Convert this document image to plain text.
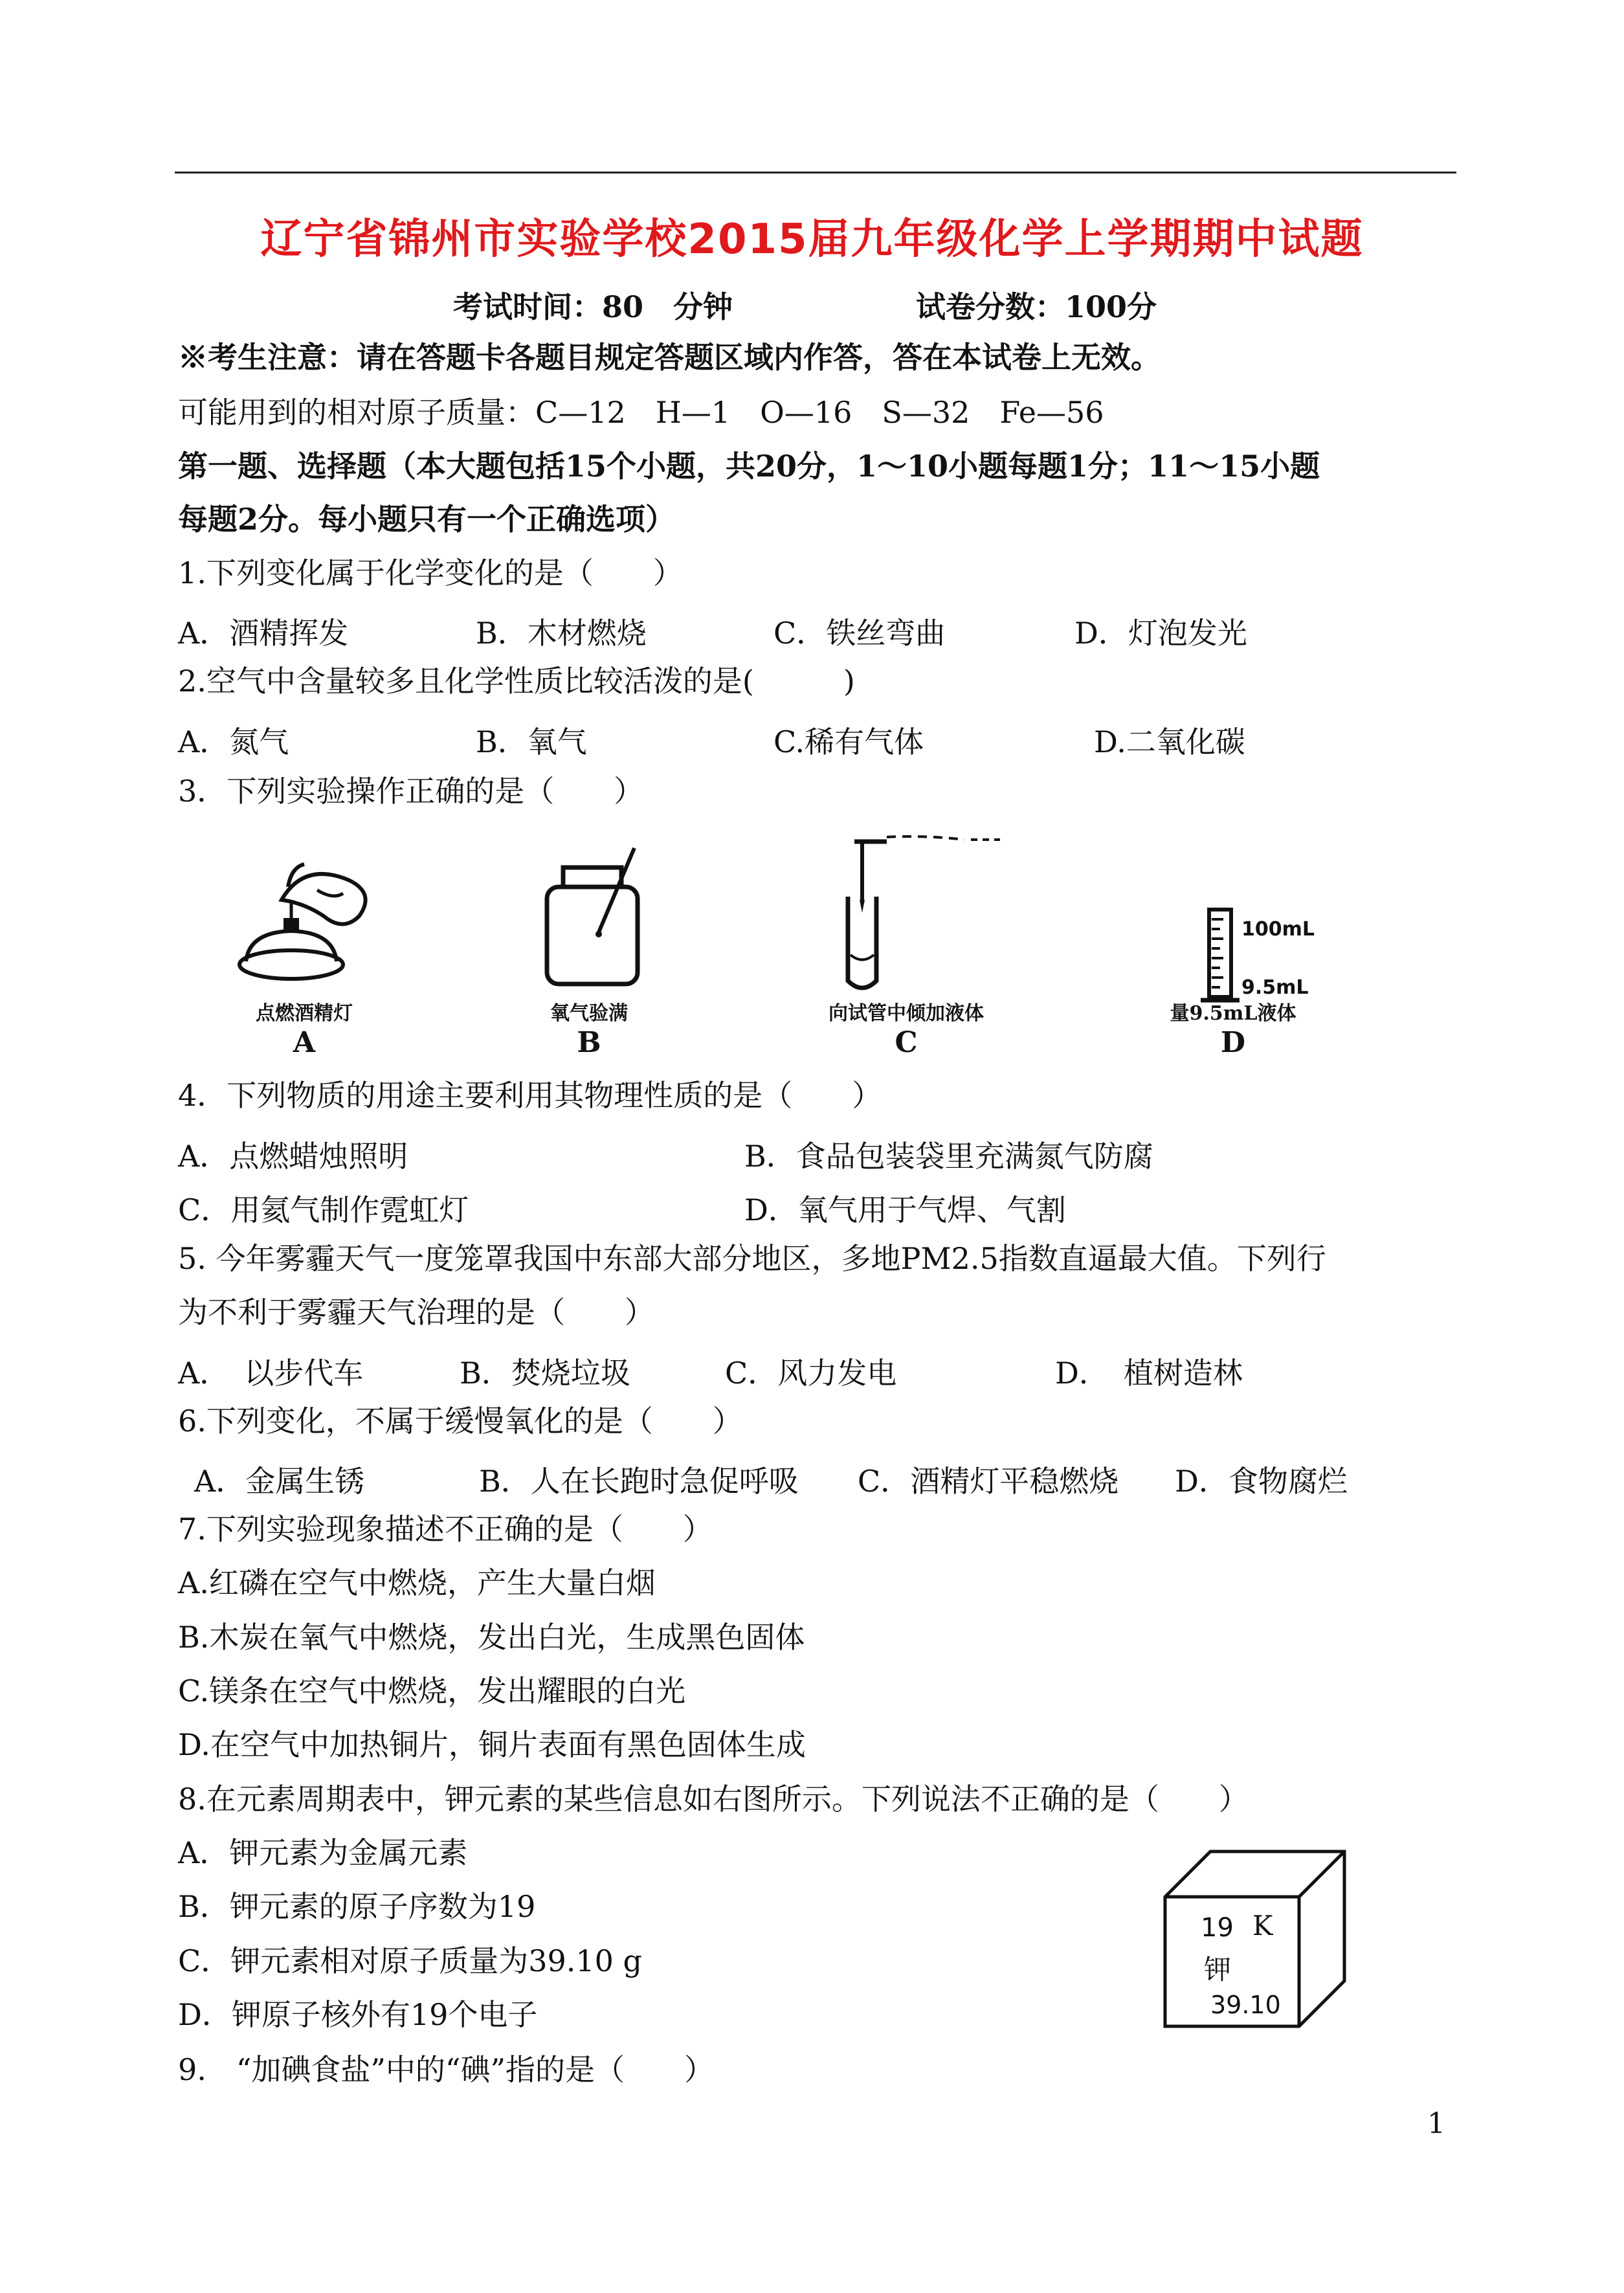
辽宁省锦州市实验学校2015届九年级化学上学期期中试题
考试时间：80　分钟	试卷分数：100分
※考生注意：请在答题卡各题目规定答题区域内作答，答在本试卷上无效。
可能用到的相对原子质量：C—12　H—1　O—16　S—32　Fe—56
第一题、选择题（本大题包括15个小题，共20分，1～10小题每题1分；11～15小题
每题2分。每小题只有一个正确选项）
1.下列变化属于化学变化的是（　　）
A．酒精挥发	B．木材燃烧	C．铁丝弯曲	D．灯泡发光
2.空气中含量较多且化学性质比较活泼的是(　　　)
A．氮气	B．氧气	C.稀有气体	D.二氧化碳
3．下列实验操作正确的是（　　）
点燃酒精灯
A
氧气验满
B
向试管中倾加液体
C
100mL
9.5mL
量9.5mL液体
D
4．下列物质的用途主要利用其物理性质的是（　　）
A．点燃蜡烛照明	B．食品包装袋里充满氮气防腐
C．用氦气制作霓虹灯	D．氧气用于气焊、气割
5. 今年雾霾天气一度笼罩我国中东部大部分地区，多地PM2.5指数直逼最大值。下列行
为不利于雾霾天气治理的是（　　）
A．　以步代车	B．焚烧垃圾	C．风力发电	D．　植树造林
6.下列变化，不属于缓慢氧化的是（　　）
A．金属生锈	B．人在长跑时急促呼吸 C．酒精灯平稳燃烧 D．食物腐烂
7.下列实验现象描述不正确的是（　　）
A.红磷在空气中燃烧，产生大量白烟
B.木炭在氧气中燃烧，发出白光，生成黑色固体
C.镁条在空气中燃烧，发出耀眼的白光
D.在空气中加热铜片，铜片表面有黑色固体生成
8.在元素周期表中，钾元素的某些信息如右图所示。下列说法不正确的是（　　）
A．钾元素为金属元素
B．钾元素的原子序数为19
C．钾元素相对原子质量为39.10 g
D．钾原子核外有19个电子
19 K
钾
39.10
9.　“加碘食盐”中的“碘”指的是（　　）
1
